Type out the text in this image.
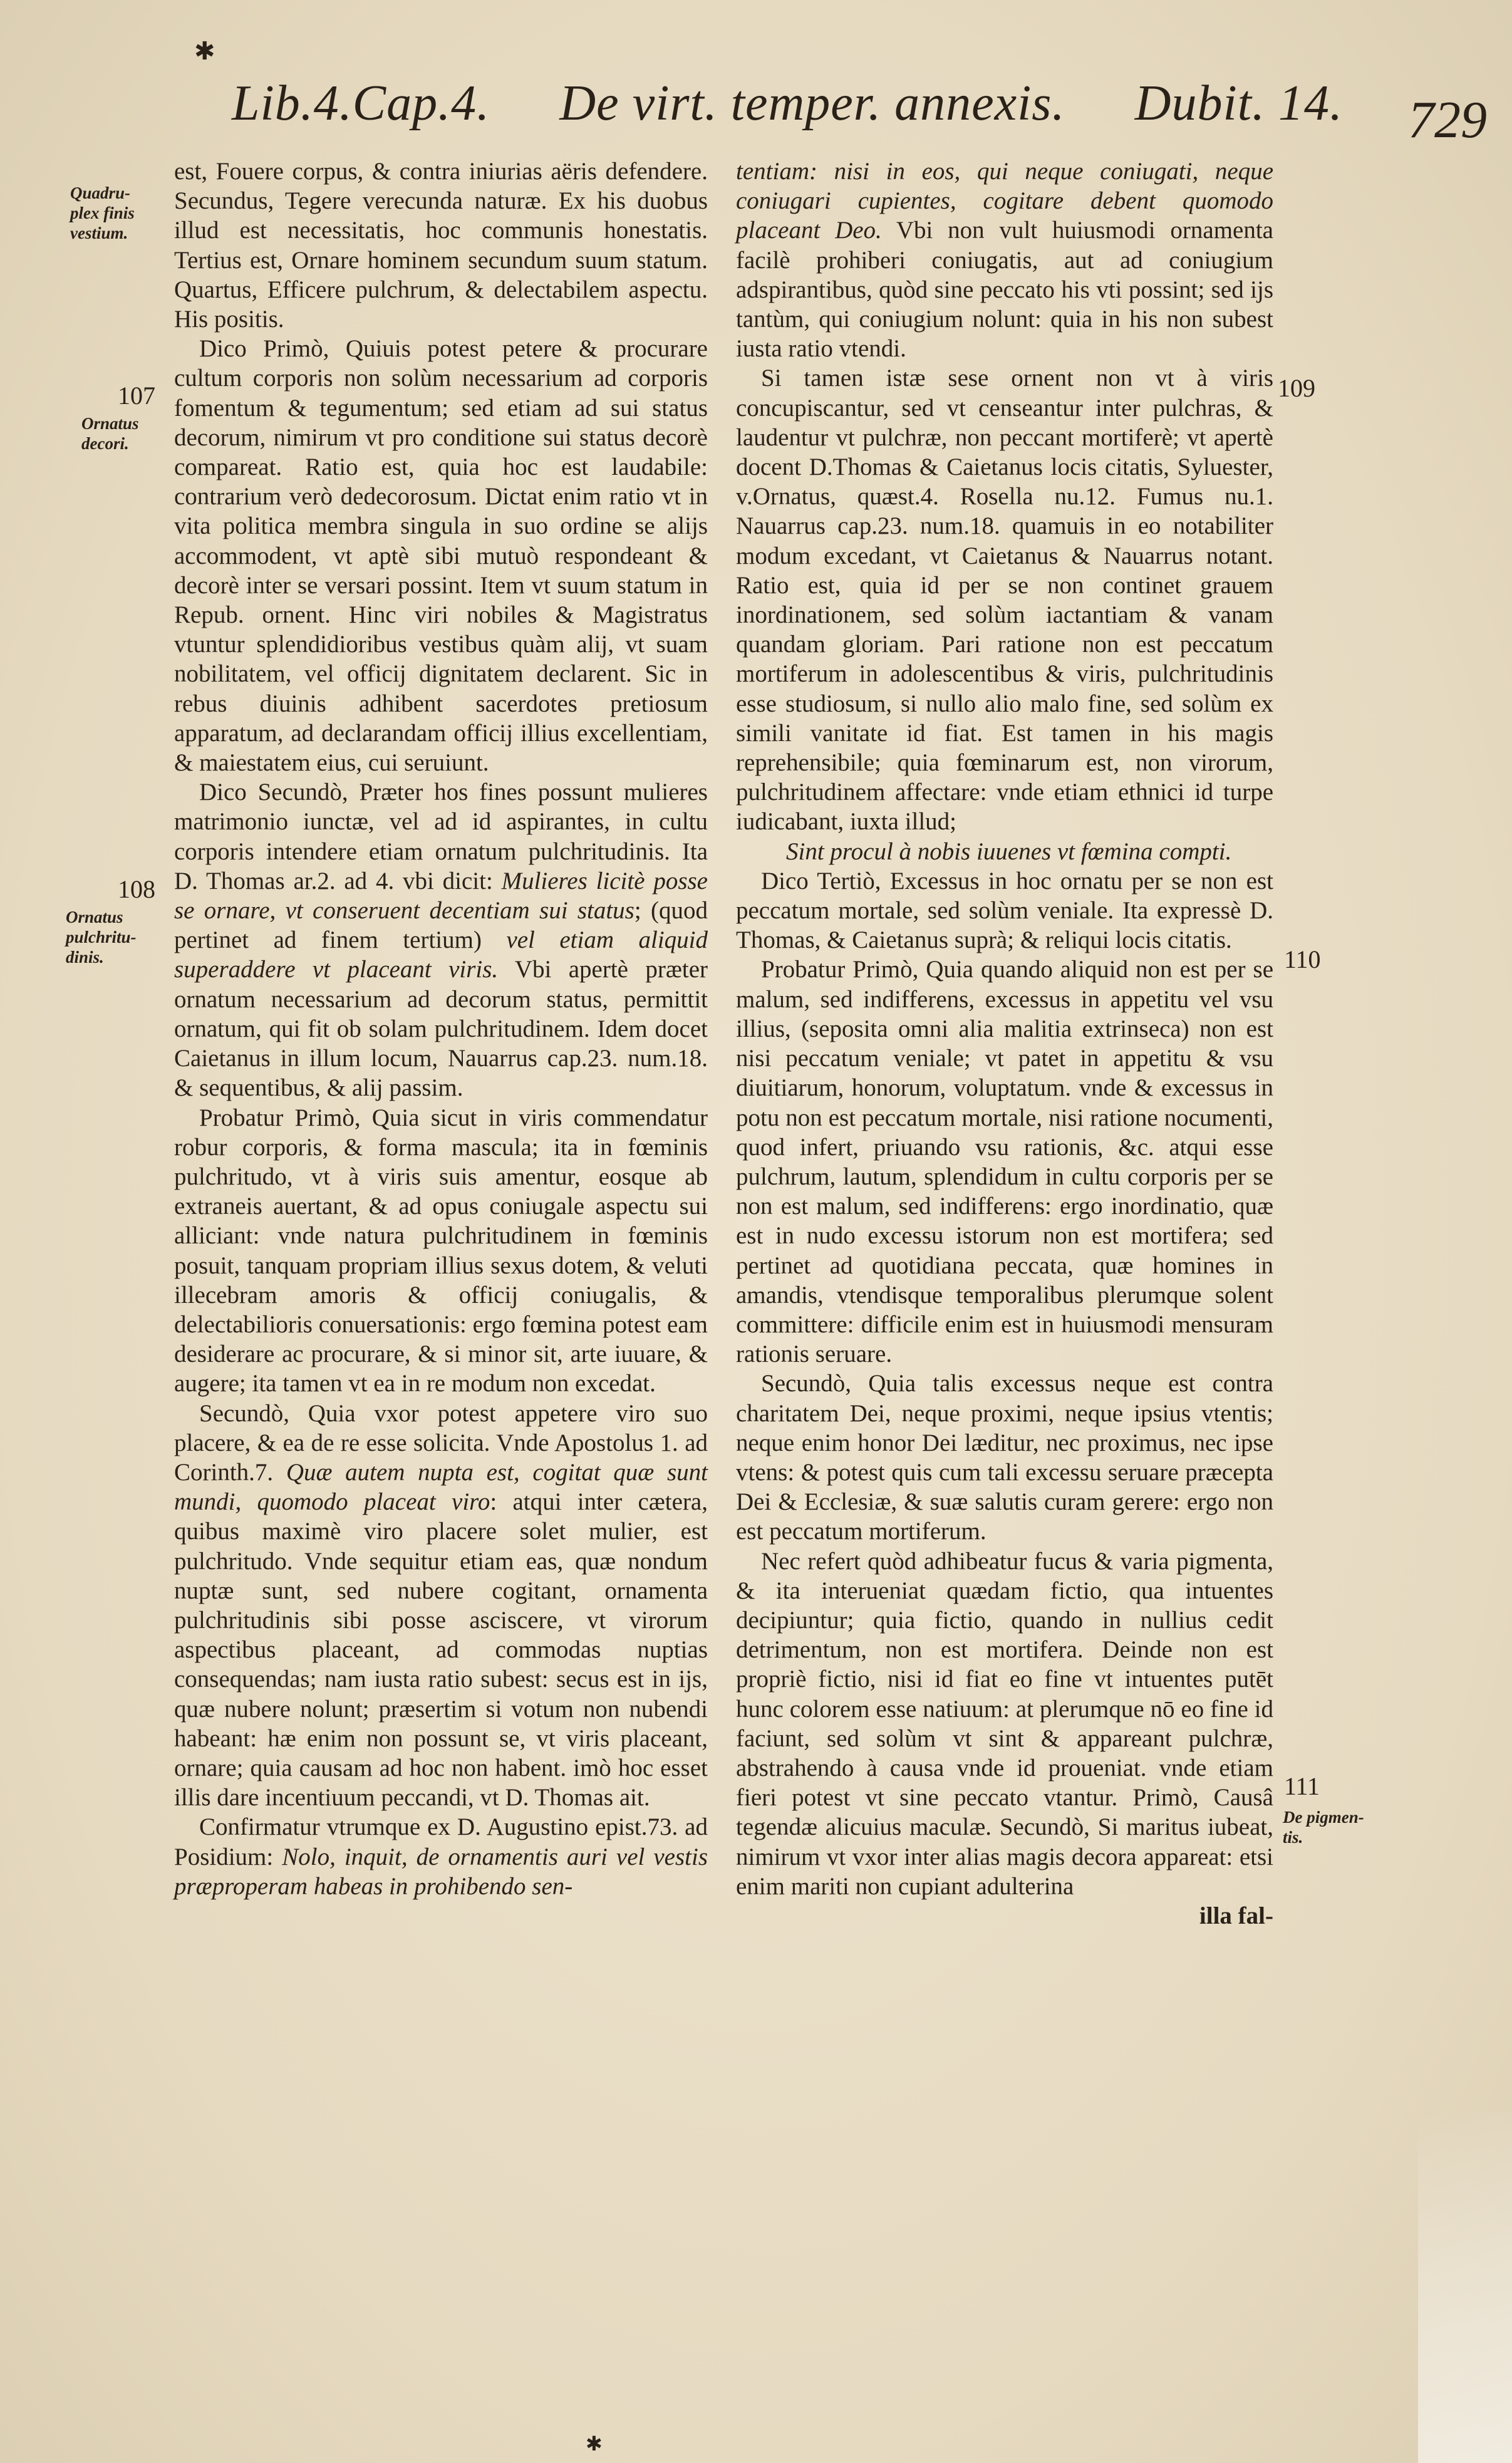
✱
Lib.4.Cap.4. De virt. temper. annexis. Dubit. 14. 729
Quadru-
plex finis
vestium.
107
Ornatus
decori.
108
Ornatus
pulchritu-
dinis.
109
110
111
De pigmen-
tis.

est, Fouere corpus, & contra iniurias aëris defendere. Secundus, Tegere verecunda naturæ. Ex his duobus illud est necessitatis, hoc communis honestatis. Tertius est, Ornare hominem secundum suum statum. Quartus, Efficere pulchrum, & delectabilem aspectu. His positis.

Dico Primò, Quiuis potest petere & procurare cultum corporis non solùm necessarium ad corporis fomentum & tegumentum; sed etiam ad sui status decorum, nimirum vt pro conditione sui status decorè compareat. Ratio est, quia hoc est laudabile: contrarium verò dedecorosum. Dictat enim ratio vt in vita politica membra singula in suo ordine se alijs accommodent, vt aptè sibi mutuò respondeant & decorè inter se versari possint. Item vt suum statum in Repub. ornent. Hinc viri nobiles & Magistratus vtuntur splendidioribus vestibus quàm alij, vt suam nobilitatem, vel officij dignitatem declarent. Sic in rebus diuinis adhibent sacerdotes pretiosum apparatum, ad declarandam officij illius excellentiam, & maiestatem eius, cui seruiunt.

Dico Secundò, Præter hos fines possunt mulieres matrimonio iunctæ, vel ad id aspirantes, in cultu corporis intendere etiam ornatum pulchritudinis. Ita D. Thomas ar.2. ad 4. vbi dicit: Mulieres licitè posse se ornare, vt conseruent decentiam sui status; (quod pertinet ad finem tertium) vel etiam aliquid superaddere vt placeant viris. Vbi apertè præter ornatum necessarium ad decorum status, permittit ornatum, qui fit ob solam pulchritudinem. Idem docet Caietanus in illum locum, Nauarrus cap.23. num.18. & sequentibus, & alij passim.

Probatur Primò, Quia sicut in viris commendatur robur corporis, & forma mascula; ita in fœminis pulchritudo, vt à viris suis amentur, eosque ab extraneis auertant, & ad opus coniugale aspectu sui alliciant: vnde natura pulchritudinem in fœminis posuit, tanquam propriam illius sexus dotem, & veluti illecebram amoris & officij coniugalis, & delectabilioris conuersationis: ergo fœmina potest eam desiderare ac procurare, & si minor sit, arte iuuare, & augere; ita tamen vt ea in re modum non excedat.

Secundò, Quia vxor potest appetere viro suo placere, & ea de re esse solicita. Vnde Apostolus 1. ad Corinth.7. Quæ autem nupta est, cogitat quæ sunt mundi, quomodo placeat viro: atqui inter cætera, quibus maximè viro placere solet mulier, est pulchritudo. Vnde sequitur etiam eas, quæ nondum nuptæ sunt, sed nubere cogitant, ornamenta pulchritudinis sibi posse asciscere, vt virorum aspectibus placeant, ad commodas nuptias consequendas; nam iusta ratio subest: secus est in ijs, quæ nubere nolunt; præsertim si votum non nubendi habeant: hæ enim non possunt se, vt viris placeant, ornare; quia causam ad hoc non habent. imò hoc esset illis dare incentiuum peccandi, vt D. Thomas ait.

Confirmatur vtrumque ex D. Augustino epist.73. ad Posidium: Nolo, inquit, de ornamentis auri vel vestis præproperam habeas in prohibendo sen-

tentiam: nisi in eos, qui neque coniugati, neque coniugari cupientes, cogitare debent quomodo placeant Deo. Vbi non vult huiusmodi ornamenta facilè prohiberi coniugatis, aut ad coniugium adspirantibus, quòd sine peccato his vti possint; sed ijs tantùm, qui coniugium nolunt: quia in his non subest iusta ratio vtendi.

Si tamen istæ sese ornent non vt à viris concupiscantur, sed vt censeantur inter pulchras, & laudentur vt pulchræ, non peccant mortiferè; vt apertè docent D.Thomas & Caietanus locis citatis, Syluester, v.Ornatus, quæst.4. Rosella nu.12. Fumus nu.1. Nauarrus cap.23. num.18. quamuis in eo notabiliter modum excedant, vt Caietanus & Nauarrus notant. Ratio est, quia id per se non continet grauem inordinationem, sed solùm iactantiam & vanam quandam gloriam. Pari ratione non est peccatum mortiferum in adolescentibus & viris, pulchritudinis esse studiosum, si nullo alio malo fine, sed solùm ex simili vanitate id fiat. Est tamen in his magis reprehensibile; quia fœminarum est, non virorum, pulchritudinem affectare: vnde etiam ethnici id turpe iudicabant, iuxta illud;

Sint procul à nobis iuuenes vt fœmina compti.

Dico Tertiò, Excessus in hoc ornatu per se non est peccatum mortale, sed solùm veniale. Ita expressè D. Thomas, & Caietanus suprà; & reliqui locis citatis.

Probatur Primò, Quia quando aliquid non est per se malum, sed indifferens, excessus in appetitu vel vsu illius, (seposita omni alia malitia extrinseca) non est nisi peccatum veniale; vt patet in appetitu & vsu diuitiarum, honorum, voluptatum. vnde & excessus in potu non est peccatum mortale, nisi ratione nocumenti, quod infert, priuando vsu rationis, &c. atqui esse pulchrum, lautum, splendidum in cultu corporis per se non est malum, sed indifferens: ergo inordinatio, quæ est in nudo excessu istorum non est mortifera; sed pertinet ad quotidiana peccata, quæ homines in amandis, vtendisque temporalibus plerumque solent committere: difficile enim est in huiusmodi mensuram rationis seruare.

Secundò, Quia talis excessus neque est contra charitatem Dei, neque proximi, neque ipsius vtentis; neque enim honor Dei læditur, nec proximus, nec ipse vtens: & potest quis cum tali excessu seruare præcepta Dei & Ecclesiæ, & suæ salutis curam gerere: ergo non est peccatum mortiferum.

Nec refert quòd adhibeatur fucus & varia pigmenta, & ita interueniat quædam fictio, qua intuentes decipiuntur; quia fictio, quando in nullius cedit detrimentum, non est mortifera. Deinde non est propriè fictio, nisi id fiat eo fine vt intuentes putēt hunc colorem esse natiuum: at plerumque nō eo fine id faciunt, sed solùm vt sint & appareant pulchræ, abstrahendo à causa vnde id proueniat. vnde etiam fieri potest vt sine peccato vtantur. Primò, Causâ tegendæ alicuius maculæ. Secundò, Si maritus iubeat, nimirum vt vxor inter alias magis decora appareat: etsi enim mariti non cupiant adulterina

illa fal-

✱
